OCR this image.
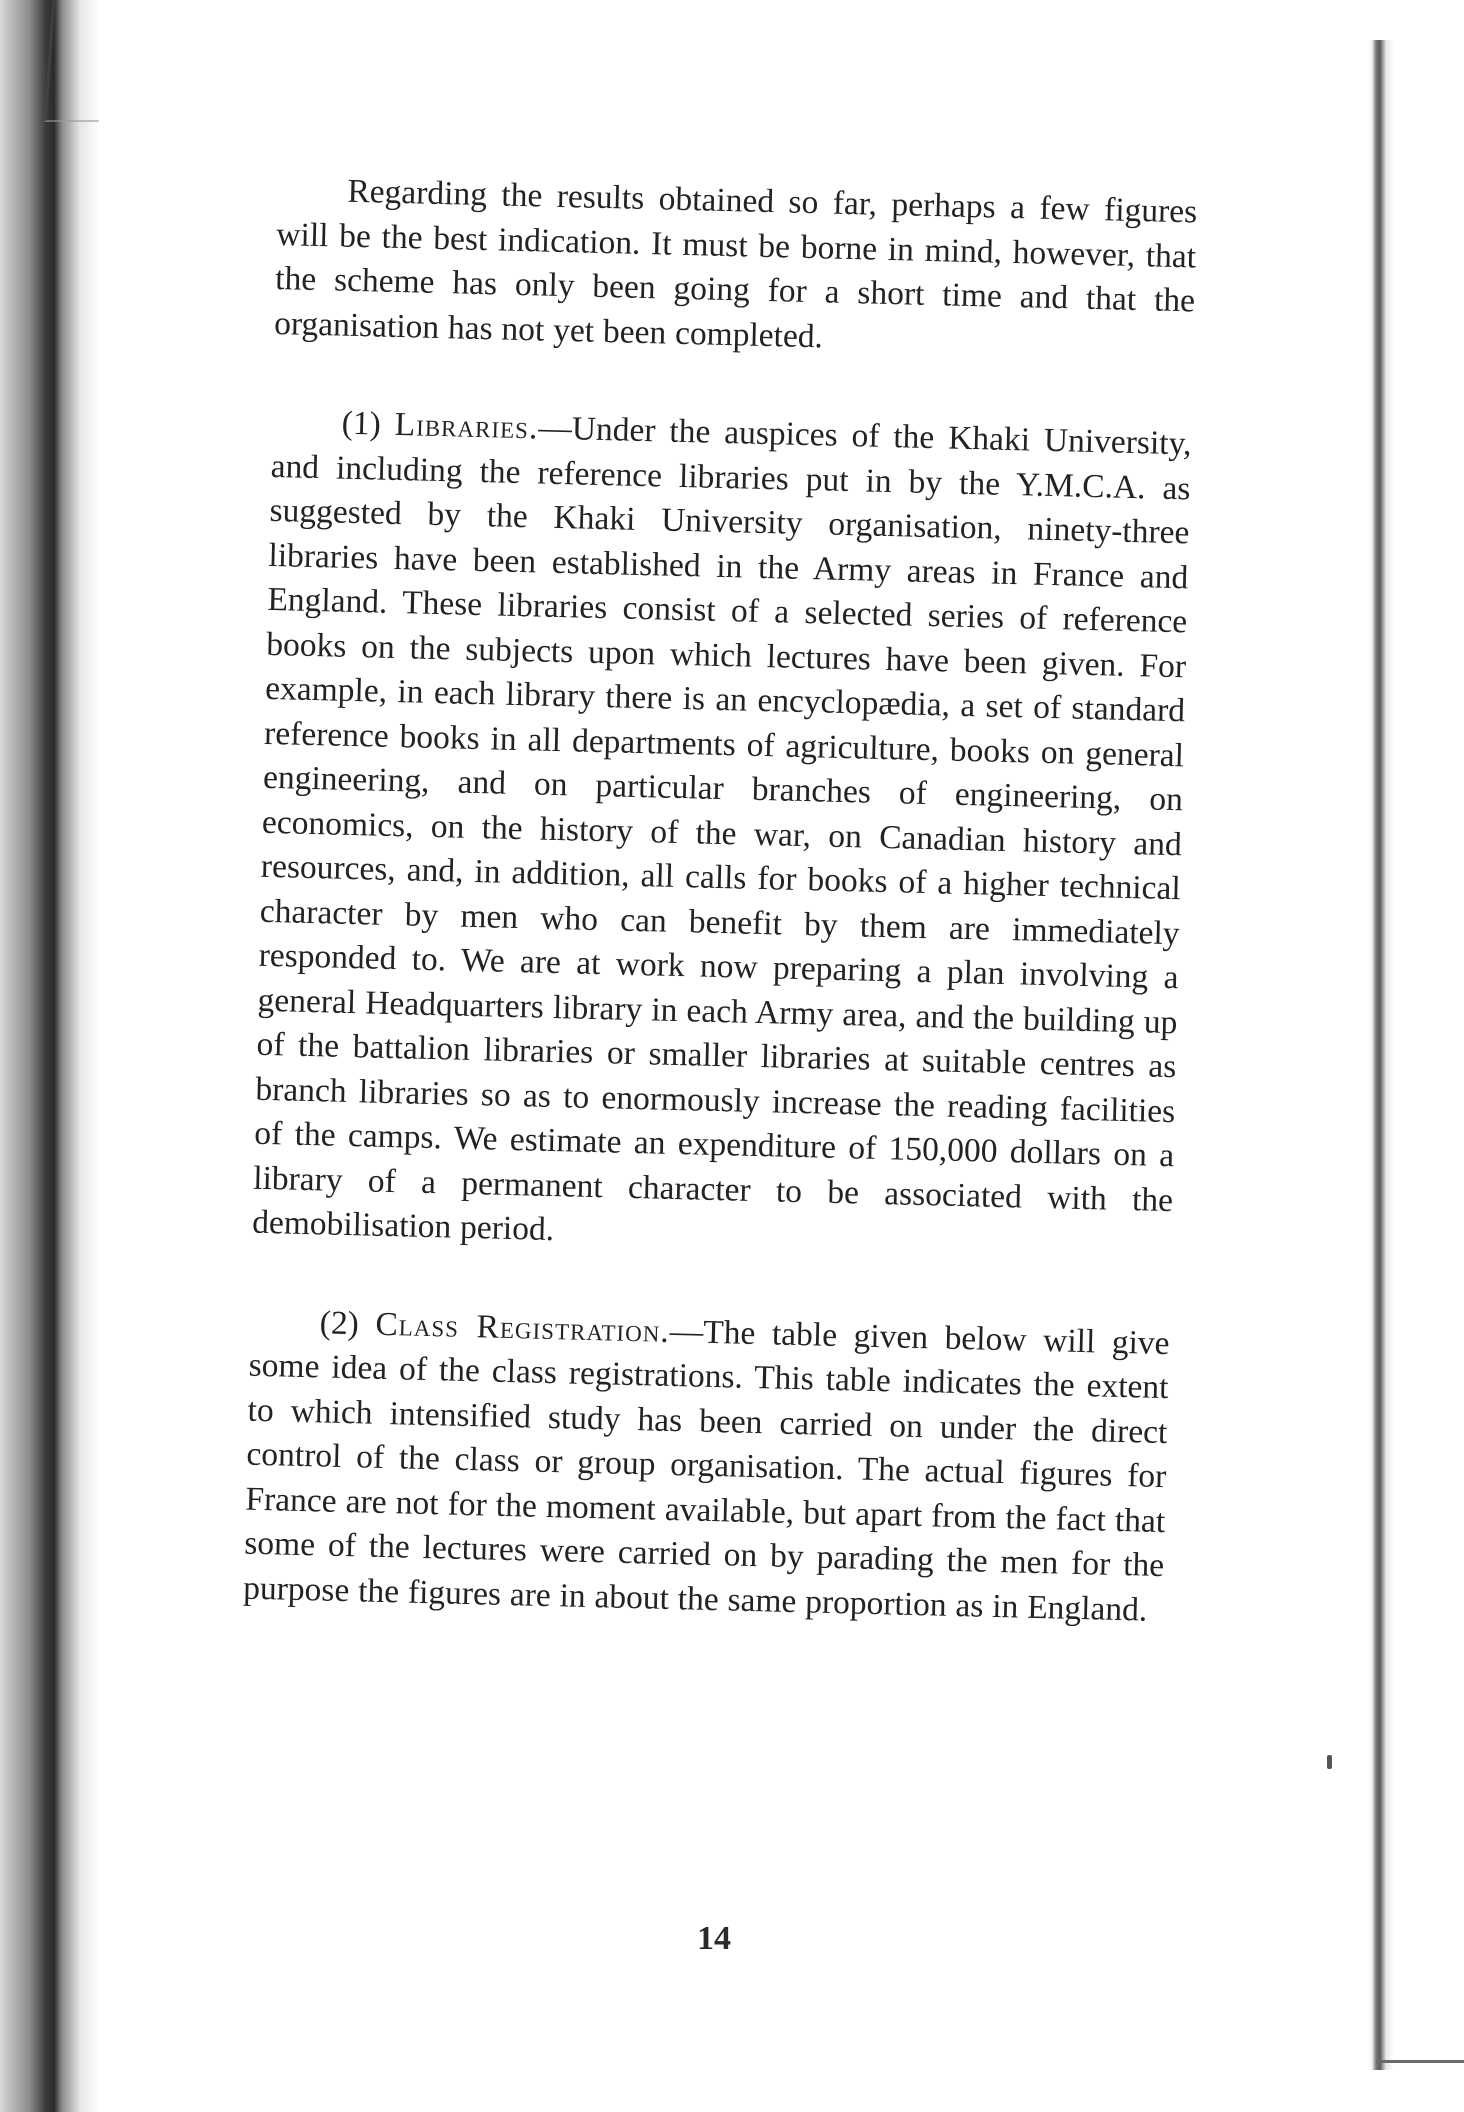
Regarding the results obtained so far, perhaps a few figures will be the best indication. It must be borne in mind, however, that the scheme has only been going for a short time and that the organisation has not yet been completed.

(1) Libraries.—Under the auspices of the Khaki University, and including the reference libraries put in by the Y.M.C.A. as suggested by the Khaki University organisation, ninety-three libraries have been established in the Army areas in France and England. These libraries consist of a selected series of reference books on the subjects upon which lectures have been given. For example, in each library there is an encyclopædia, a set of standard reference books in all departments of agriculture, books on general engineering, and on particular branches of engineering, on economics, on the history of the war, on Canadian history and resources, and, in addition, all calls for books of a higher technical character by men who can benefit by them are immediately responded to. We are at work now preparing a plan involving a general Headquarters library in each Army area, and the building up of the battalion libraries or smaller libraries at suitable centres as branch libraries so as to enormously increase the reading facilities of the camps. We estimate an expenditure of 150,000 dollars on a library of a permanent character to be associated with the demobilisation period.

(2) Class Registration.—The table given below will give some idea of the class registrations. This table indicates the extent to which intensified study has been carried on under the direct control of the class or group organisation. The actual figures for France are not for the moment available, but apart from the fact that some of the lectures were carried on by parading the men for the purpose the figures are in about the same proportion as in England.

14
